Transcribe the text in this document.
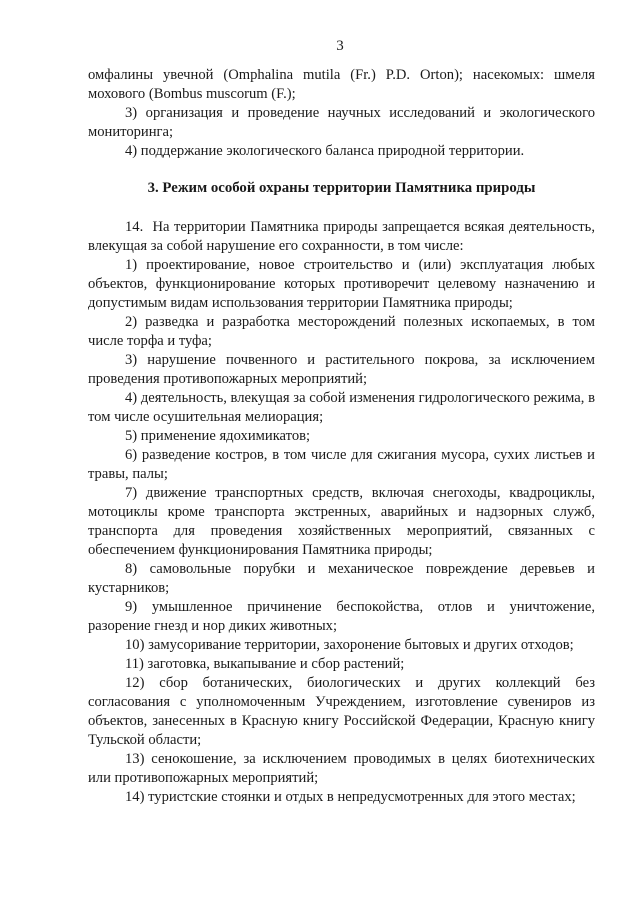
3

омфалины увечной (Omphalina mutila (Fr.) P.D. Orton); насекомых: шмеля мохового (Bombus muscorum (F.);

3) организация и проведение научных исследований и экологического мониторинга;

4) поддержание экологического баланса природной территории.

3. Режим особой охраны территории Памятника природы

14.  На территории Памятника природы запрещается всякая деятельность, влекущая за собой нарушение его сохранности, в том числе:

1) проектирование, новое строительство и (или) эксплуатация любых объектов, функционирование которых противоречит целевому назначению и допустимым видам использования территории Памятника природы;
2) разведка и разработка месторождений полезных ископаемых, в том числе торфа и туфа;
3) нарушение почвенного и растительного покрова, за исключением проведения противопожарных мероприятий;
4) деятельность, влекущая за собой изменения гидрологического режима, в том числе осушительная мелиорация;
5) применение ядохимикатов;
6) разведение костров, в том числе для сжигания мусора, сухих листьев и травы, палы;
7) движение транспортных средств, включая снегоходы, квадроциклы, мотоциклы кроме транспорта экстренных, аварийных и надзорных служб, транспорта для проведения хозяйственных мероприятий, связанных с обеспечением функционирования Памятника природы;
8) самовольные порубки и механическое повреждение деревьев и кустарников;
9) умышленное причинение беспокойства, отлов и уничтожение, разорение гнезд и нор диких животных;
10) замусоривание территории, захоронение бытовых и других отходов;
11) заготовка, выкапывание и сбор растений;
12) сбор ботанических, биологических и других коллекций без согласования с уполномоченным Учреждением, изготовление сувениров из объектов, занесенных в Красную книгу Российской Федерации, Красную книгу Тульской области;
13) сенокошение, за исключением проводимых в целях биотехнических или противопожарных мероприятий;
14) туристские стоянки и отдых в непредусмотренных для этого местах;
